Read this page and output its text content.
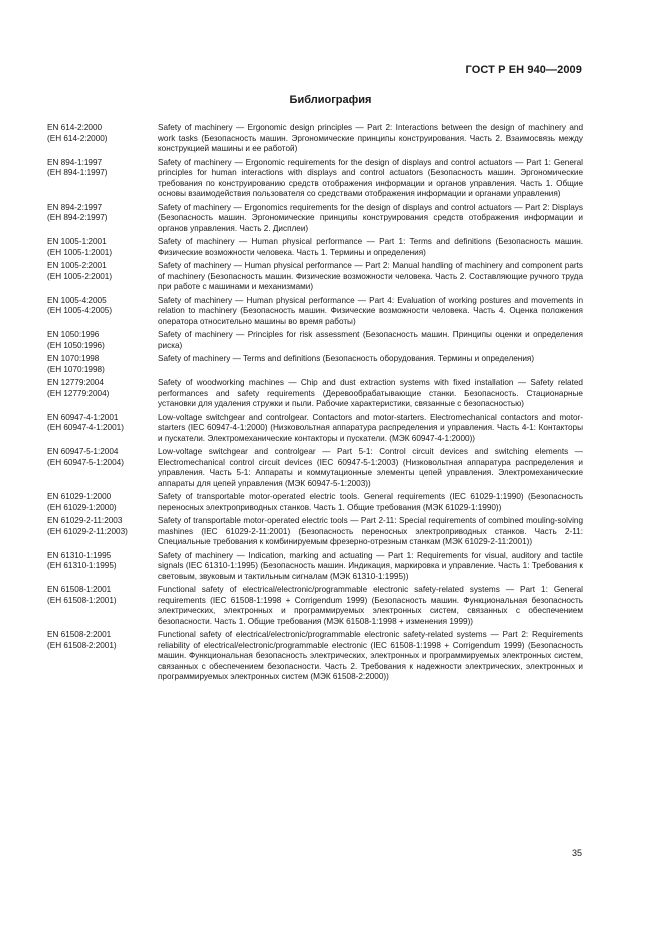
ГОСТ Р ЕН 940—2009
Библиография
EN 614-2:2000
(ЕН 614-2:2000)
Safety of machinery — Ergonomic design principles — Part 2: Interactions between the design of machinery and work tasks (Безопасность машин. Эргономические принципы конструирования. Часть 2. Взаимосвязь между конструкцией машины и ее работой)
EN 894-1:1997
(ЕН 894-1:1997)
Safety of machinery — Ergonomic requirements for the design of displays and control actuators — Part 1: General principles for human interactions with displays and control actuators (Безопасность машин. Эргономические требования по конструированию средств отображения информации и органов управления. Часть 1. Общие основы взаимодействия пользователя со средствами отображения информации и органами управления)
EN 894-2:1997
(ЕН 894-2:1997)
Safety of machinery — Ergonomics requirements for the design of displays and control actuators — Part 2: Displays (Безопасность машин. Эргономические принципы конструирования средств отображения информации и органов управления. Часть 2. Дисплеи)
EN 1005-1:2001
(ЕН 1005-1:2001)
Safety of machinery — Human physical performance — Part 1: Terms and definitions (Безопасность машин. Физические возможности человека. Часть 1. Термины и определения)
EN 1005-2:2001
(ЕН 1005-2:2001)
Safety of machinery — Human physical performance — Part 2: Manual handling of machinery and component parts of machinery (Безопасность машин. Физические возможности человека. Часть 2. Составляющие ручного труда при работе с машинами и механизмами)
EN 1005-4:2005
(ЕН 1005-4:2005)
Safety of machinery — Human physical performance — Part 4: Evaluation of working postures and movements in relation to machinery (Безопасность машин. Физические возможности человека. Часть 4. Оценка положения оператора относительно машины во время работы)
EN 1050:1996
(ЕН 1050:1996)
Safety of machinery — Principles for risk assessment (Безопасность машин. Принципы оценки и определения риска)
EN 1070:1998
(ЕН 1070:1998)
Safety of machinery — Terms and definitions (Безопасность оборудования. Термины и определения)
EN 12779:2004
(ЕН 12779:2004)
Safety of woodworking machines — Chip and dust extraction systems with fixed installation — Safety related performances and safety requirements (Деревообрабатывающие станки. Безопасность. Стационарные установки для удаления стружки и пыли. Рабочие характеристики, связанные с безопасностью)
EN 60947-4-1:2001
(ЕН 60947-4-1:2001)
Low-voltage switchgear and controlgear. Contactors and motor-starters. Electromechanical contactors and motor-starters (IEC 60947-4-1:2000) (Низковольтная аппаратура распределения и управления. Часть 4-1: Контакторы и пускатели. Электромеханические контакторы и пускатели. (МЭК 60947-4-1:2000))
EN 60947-5-1:2004
(ЕН 60947-5-1:2004)
Low-voltage switchgear and controlgear — Part 5-1: Control circuit devices and switching elements — Electromechanical control circuit devices (IEC 60947-5-1:2003) (Низковольтная аппаратура распределения и управления. Часть 5-1: Аппараты и коммутационные элементы цепей управления. Электромеханические аппараты для цепей управления (МЭК 60947-5-1:2003))
EN 61029-1:2000
(ЕН 61029-1:2000)
Safety of transportable motor-operated electric tools. General requirements (IEC 61029-1:1990) (Безопасность переносных электроприводных станков. Часть 1. Общие требования (МЭК 61029-1:1990))
EN 61029-2-11:2003
(ЕН 61029-2-11:2003)
Safety of transportable motor-operated electric tools — Part 2-11: Special requirements of combined mouling-solving mashines (IEC 61029-2-11:2001) (Безопасность переносных электроприводных станков. Часть 2-11: Специальные требования к комбинируемым фрезерно-отрезным станкам (МЭК 61029-2-11:2001))
EN 61310-1:1995
(ЕН 61310-1:1995)
Safety of machinery — Indication, marking and actuating — Part 1: Requirements for visual, auditory and tactile signals (IEC 61310-1:1995) (Безопасность машин. Индикация, маркировка и управление. Часть 1: Требования к световым, звуковым и тактильным сигналам (МЭК 61310-1:1995))
EN 61508-1:2001
(ЕН 61508-1:2001)
Functional safety of electrical/electronic/programmable electronic safety-related systems — Part 1: General requirements (IEC 61508-1:1998 + Corrigendum 1999) (Безопасность машин. Функциональная безопасность электрических, электронных и программируемых электронных систем, связанных с обеспечением безопасности. Часть 1. Общие требования (МЭК 61508-1:1998 + изменения 1999))
EN 61508-2:2001
(ЕН 61508-2:2001)
Functional safety of electrical/electronic/programmable electronic safety-related systems — Part 2: Requirements reliability of electrical/electronic/programmable electronic (IEC 61508-1:1998 + Corrigendum 1999) (Безопасность машин. Функциональная безопасность электрических, электронных и программируемых электронных систем, связанных с обеспечением безопасности. Часть 2. Требования к надежности электрических, электронных и программируемых электронных систем (МЭК 61508-2:2000))
35
